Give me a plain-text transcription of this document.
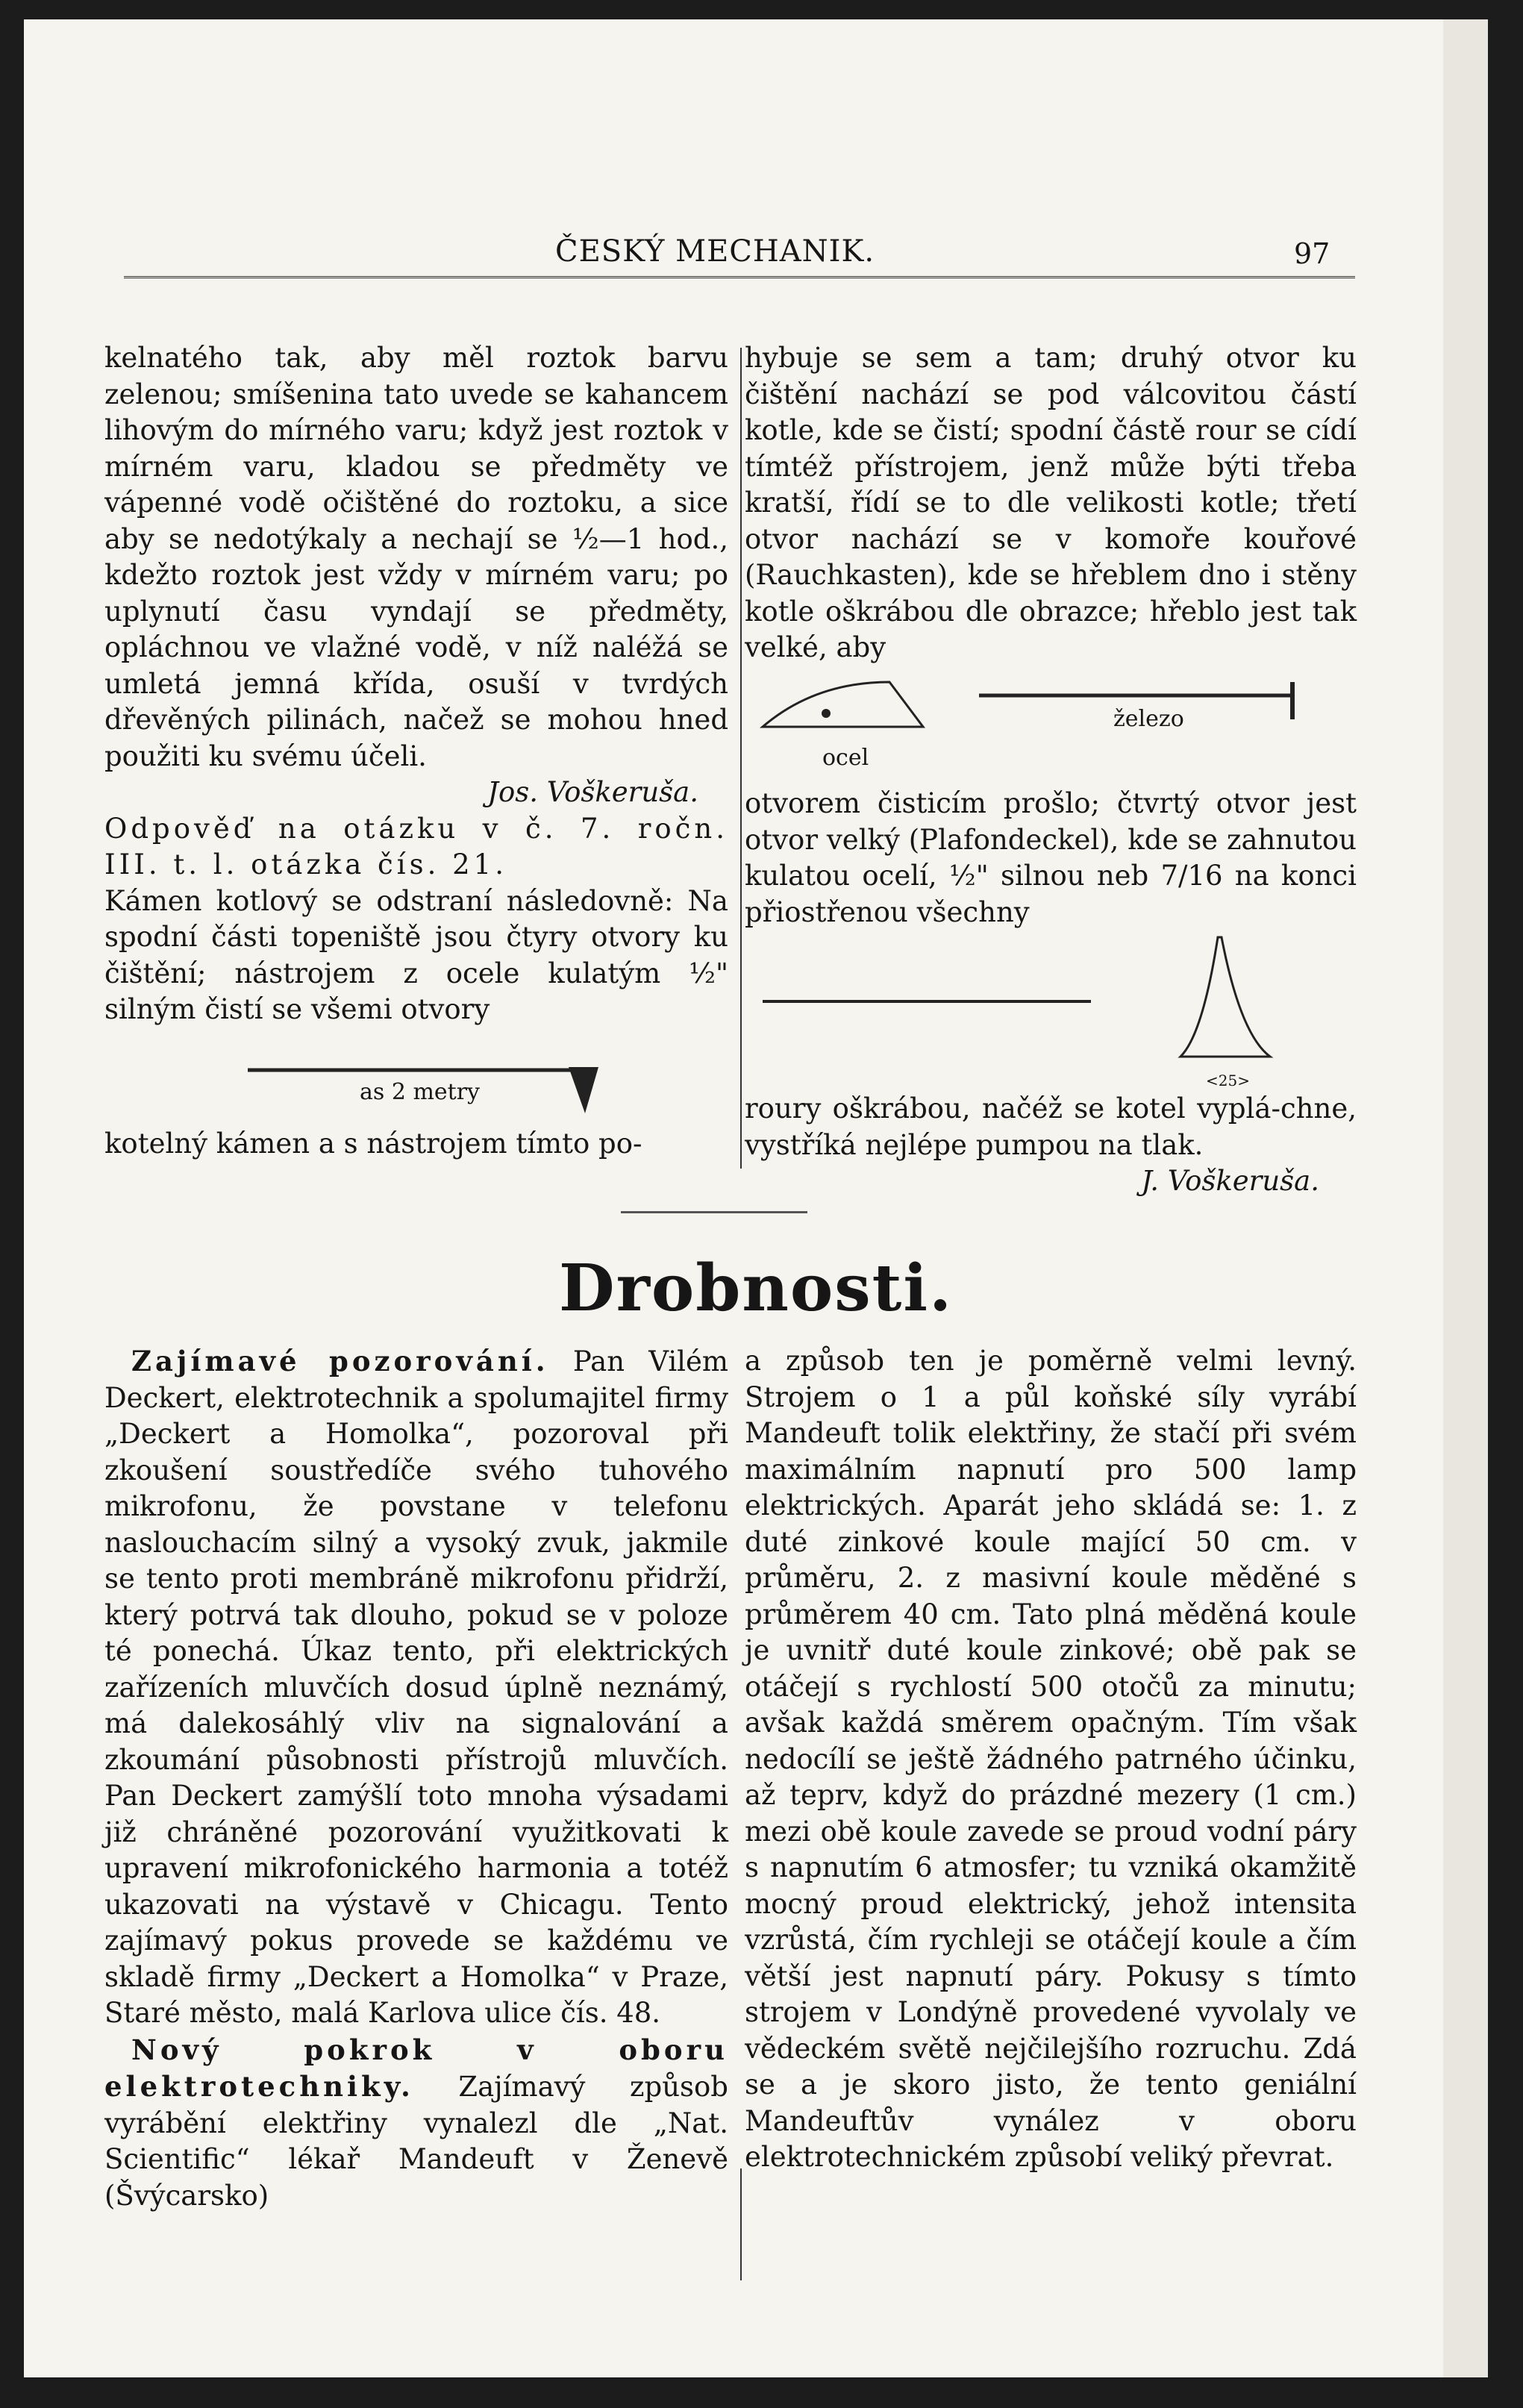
ČESKÝ MECHANIK.	97

kelnatého tak, aby měl roztok barvu zelenou; smíšenina tato uvede se kahancem lihovým do mírného varu; když jest roztok v mírném varu, kladou se předměty ve vápenné vodě očištěné do roztoku, a sice aby se nedotýkaly a nechají se ½—1 hod., kdežto roztok jest vždy v mírném varu; po uplynutí času vyndají se předměty, opláchnou ve vlažné vodě, v níž naléžá se umletá jemná křída, osuší v tvrdých dřevěných pilinách, načež se mohou hned použiti ku svému účeli.

Jos. Voškeruša.

Odpověď na otázku v č. 7. ročn. III. t. l. otázka čís. 21.

Kámen kotlový se odstraní následovně: Na spodní části topeniště jsou čtyry otvory ku čištění; nástrojem z ocele kulatým ½" silným čistí se všemi otvory

as 2 metry

kotelný kámen a s nástrojem tímto po-

hybuje se sem a tam; druhý otvor ku čištění nachází se pod válcovitou částí kotle, kde se čistí; spodní částě rour se cídí tímtéž přístrojem, jenž může býti třeba kratší, řídí se to dle velikosti kotle; třetí otvor nachází se v komoře kouřové (Rauchkasten), kde se hřeblem dno i stěny kotle oškrábou dle obrazce; hřeblo jest tak velké, aby

železo
ocel

otvorem čisticím prošlo; čtvrtý otvor jest otvor velký (Plafondeckel), kde se zahnutou kulatou ocelí, ½" silnou neb 7/16 na konci přiostřenou všechny

<25>

roury oškrábou, načéž se kotel vyplá-chne, vystříká nejlépe pumpou na tlak.

J. Voškeruša.

Drobnosti.

Zajímavé pozorování. Pan Vilém Deckert, elektrotechnik a spolumajitel firmy „Deckert a Homolka“, pozoroval při zkoušení soustředíče svého tuhového mikrofonu, že povstane v telefonu naslouchacím silný a vysoký zvuk, jakmile se tento proti membráně mikrofonu přidrží, který potrvá tak dlouho, pokud se v poloze té ponechá. Úkaz tento, při elektrických zařízeních mluvčích dosud úplně neznámý, má dalekosáhlý vliv na signalování a zkoumání působnosti přístrojů mluvčích. Pan Deckert zamýšlí toto mnoha výsadami již chráněné pozorování využitkovati k upravení mikrofonického harmonia a totéž ukazovati na výstavě v Chicagu. Tento zajímavý pokus provede se každému ve skladě firmy „Deckert a Homolka“ v Praze, Staré město, malá Karlova ulice čís. 48.

Nový pokrok v oboru elektrotechniky. Zajímavý způsob vyrábění elektřiny vynalezl dle „Nat. Scientific“ lékař Mandeuft v Ženevě (Švýcarsko)

a způsob ten je poměrně velmi levný. Strojem o 1 a půl koňské síly vyrábí Mandeuft tolik elektřiny, že stačí při svém maximálním napnutí pro 500 lamp elektrických. Aparát jeho skládá se: 1. z duté zinkové koule mající 50 cm. v průměru, 2. z masivní koule měděné s průměrem 40 cm. Tato plná měděná koule je uvnitř duté koule zinkové; obě pak se otáčejí s rychlostí 500 otočů za minutu; avšak každá směrem opačným. Tím však nedocílí se ještě žádného patrného účinku, až teprv, když do prázdné mezery (1 cm.) mezi obě koule zavede se proud vodní páry s napnutím 6 atmosfer; tu vzniká okamžitě mocný proud elektrický, jehož intensita vzrůstá, čím rychleji se otáčejí koule a čím větší jest napnutí páry. Pokusy s tímto strojem v Londýně provedené vyvolaly ve vědeckém světě nejčilejšího rozruchu. Zdá se a je skoro jisto, že tento geniální Mandeuftův vynález v oboru elektrotechnickém způsobí veliký převrat.
